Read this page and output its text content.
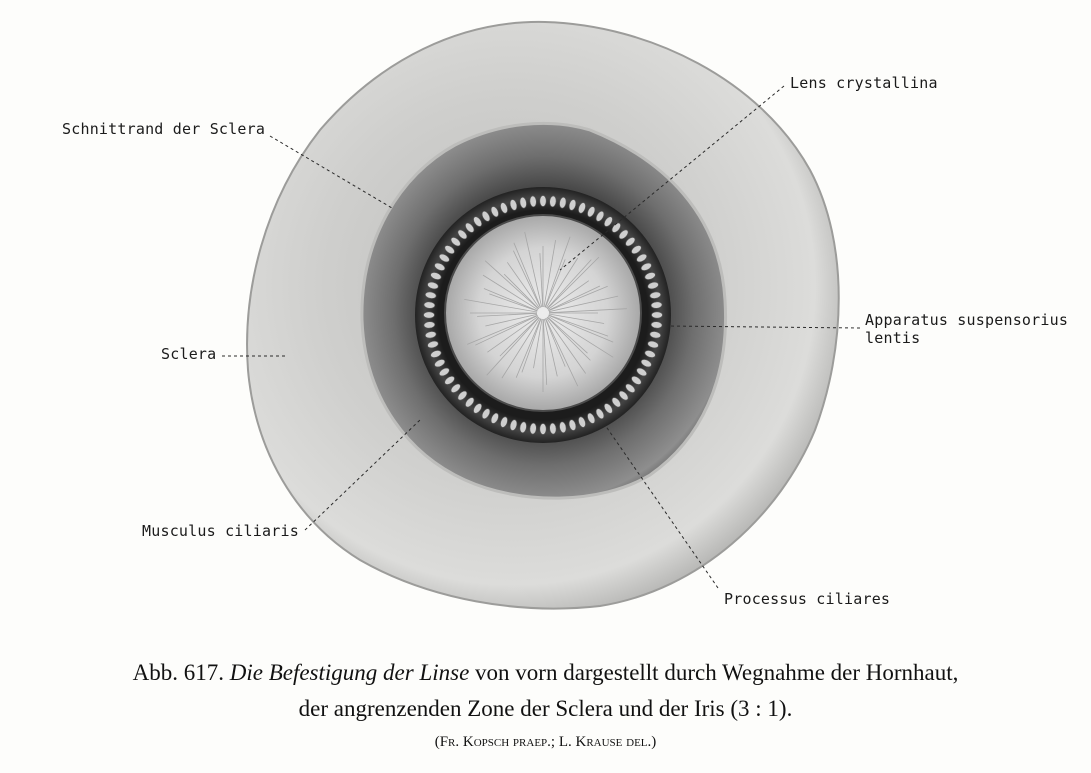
Lens crystallina
Schnittrand der Sclera
Sclera
Apparatus suspensorius
lentis
Musculus ciliaris
Processus ciliares
Abb. 617. Die Befestigung der Linse von vorn dargestellt durch Wegnahme der Hornhaut,
der angrenzenden Zone der Sclera und der Iris (3 : 1).
(Fr. Kopsch praep.; L. Krause del.)
